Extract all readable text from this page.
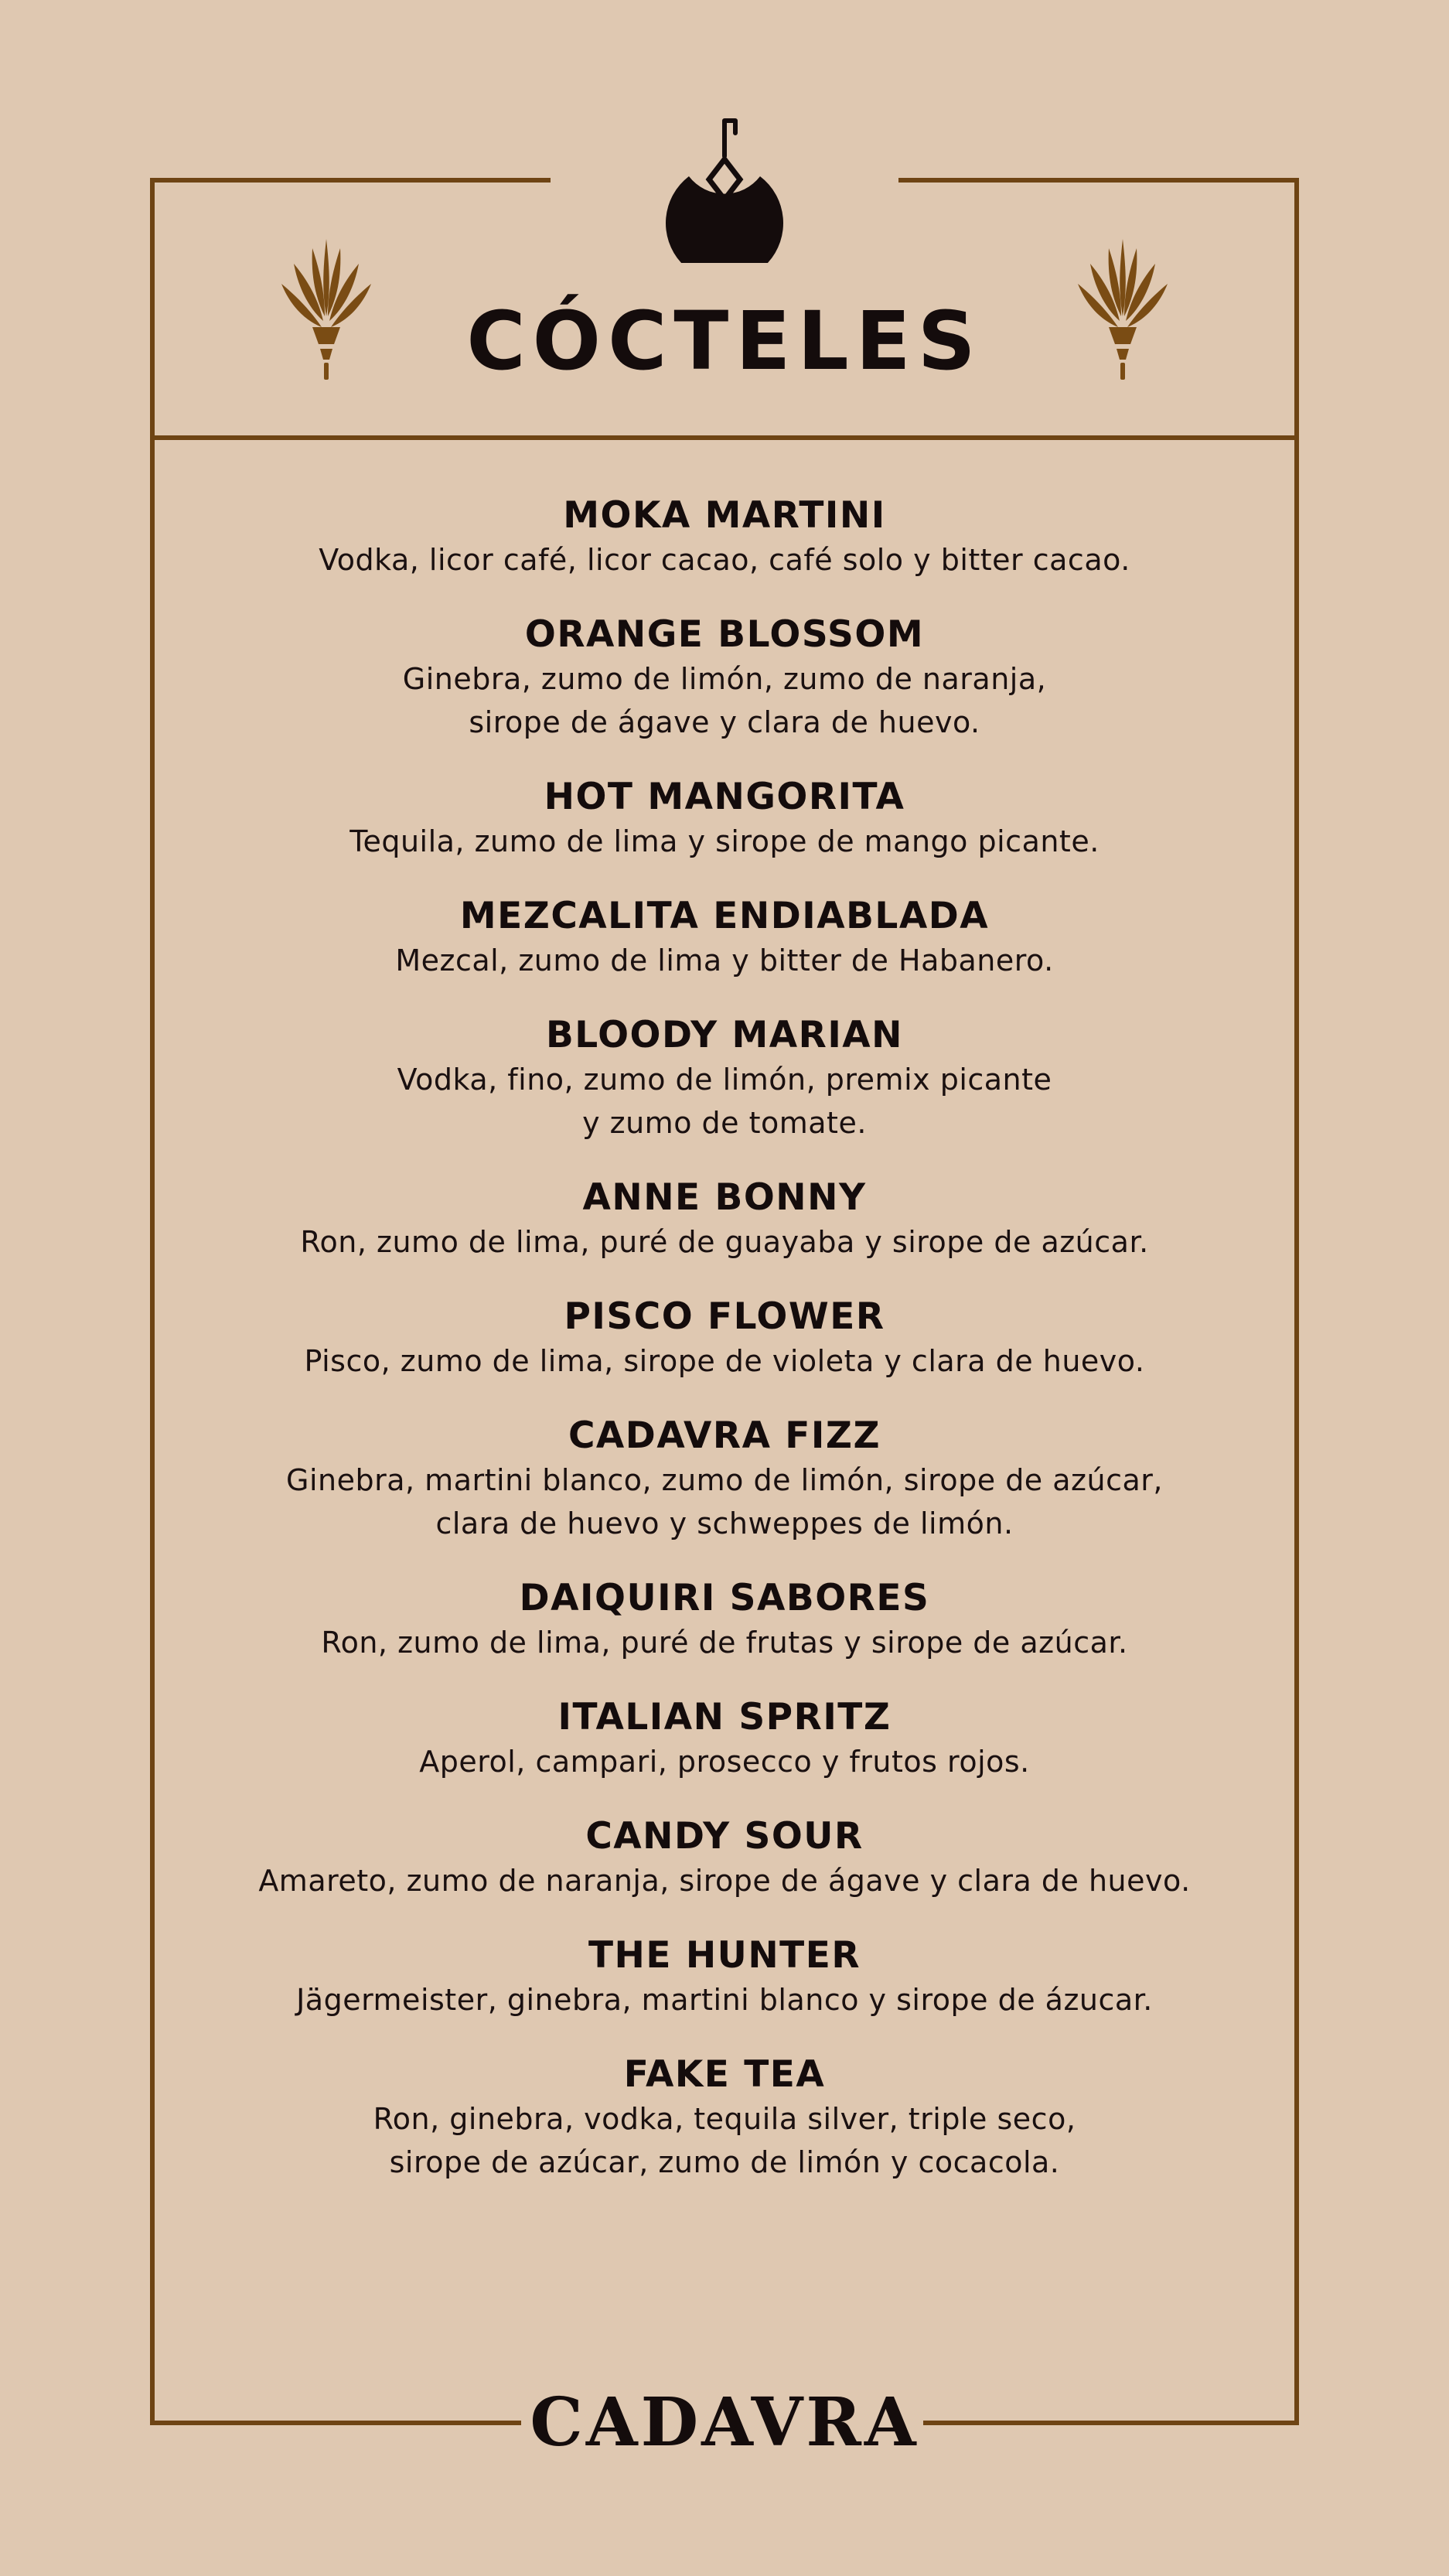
CÓCTELES
MOKA MARTINI

Vodka, licor café, licor cacao, café solo y bitter cacao.

ORANGE BLOSSOM

Ginebra, zumo de limón, zumo de naranja,
sirope de ágave y clara de huevo.

HOT MANGORITA

Tequila, zumo de lima y sirope de mango picante.

MEZCALITA ENDIABLADA

Mezcal, zumo de lima y bitter de Habanero.

BLOODY MARIAN

Vodka, fino, zumo de limón, premix picante
y zumo de tomate.

ANNE BONNY

Ron, zumo de lima, puré de guayaba y sirope de azúcar.

PISCO FLOWER

Pisco, zumo de lima, sirope de violeta y clara de huevo.

CADAVRA FIZZ

Ginebra, martini blanco, zumo de limón, sirope de azúcar,
clara de huevo y schweppes de limón.

DAIQUIRI SABORES

Ron, zumo de lima, puré de frutas y sirope de azúcar.

ITALIAN SPRITZ

Aperol, campari, prosecco y frutos rojos.

CANDY SOUR

Amareto, zumo de naranja, sirope de ágave y clara de huevo.

THE HUNTER

Jägermeister, ginebra, martini blanco y sirope de ázucar.

FAKE TEA

Ron, ginebra, vodka, tequila silver, triple seco,
sirope de azúcar, zumo de limón y cocacola.

CADAVRA
